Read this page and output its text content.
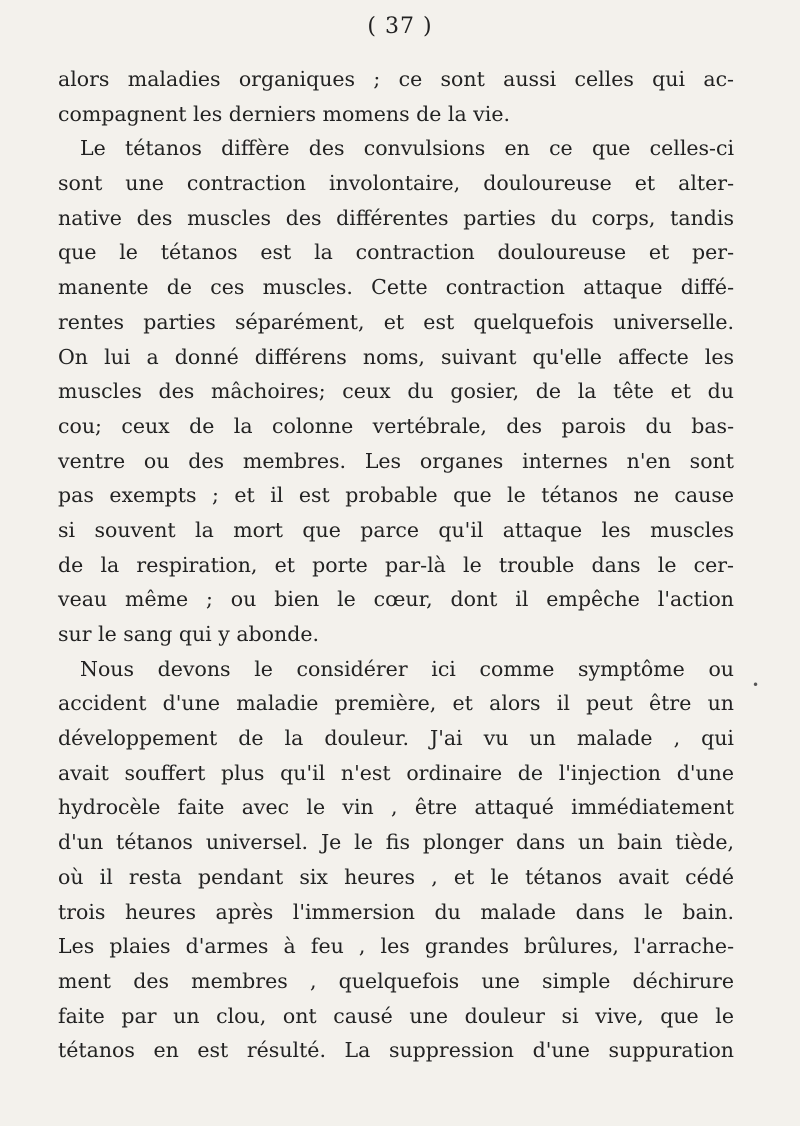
( 37 )
alors maladies organiques ; ce sont aussi celles qui ac-
compagnent les derniers momens de la vie.
Le tétanos diffère des convulsions en ce que celles-ci
sont une contraction involontaire, douloureuse et alter-
native des muscles des différentes parties du corps, tandis
que le tétanos est la contraction douloureuse et per-
manente de ces muscles. Cette contraction attaque diffé-
rentes parties séparément, et est quelquefois universelle.
On lui a donné différens noms, suivant qu'elle affecte les
muscles des mâchoires; ceux du gosier, de la tête et du
cou; ceux de la colonne vertébrale, des parois du bas-
ventre ou des membres. Les organes internes n'en sont
pas exempts ; et il est probable que le tétanos ne cause
si souvent la mort que parce qu'il attaque les muscles
de la respiration, et porte par-là le trouble dans le cer-
veau même ; ou bien le cœur, dont il empêche l'action
sur le sang qui y abonde.
Nous devons le considérer ici comme symptôme ou
accident d'une maladie première, et alors il peut être un
développement de la douleur. J'ai vu un malade , qui
avait souffert plus qu'il n'est ordinaire de l'injection d'une
hydrocèle faite avec le vin , être attaqué immédiatement
d'un tétanos universel. Je le fis plonger dans un bain tiède,
où il resta pendant six heures , et le tétanos avait cédé
trois heures après l'immersion du malade dans le bain.
Les plaies d'armes à feu , les grandes brûlures, l'arrache-
ment des membres , quelquefois une simple déchirure
faite par un clou, ont causé une douleur si vive, que le
tétanos en est résulté. La suppression d'une suppuration
•
